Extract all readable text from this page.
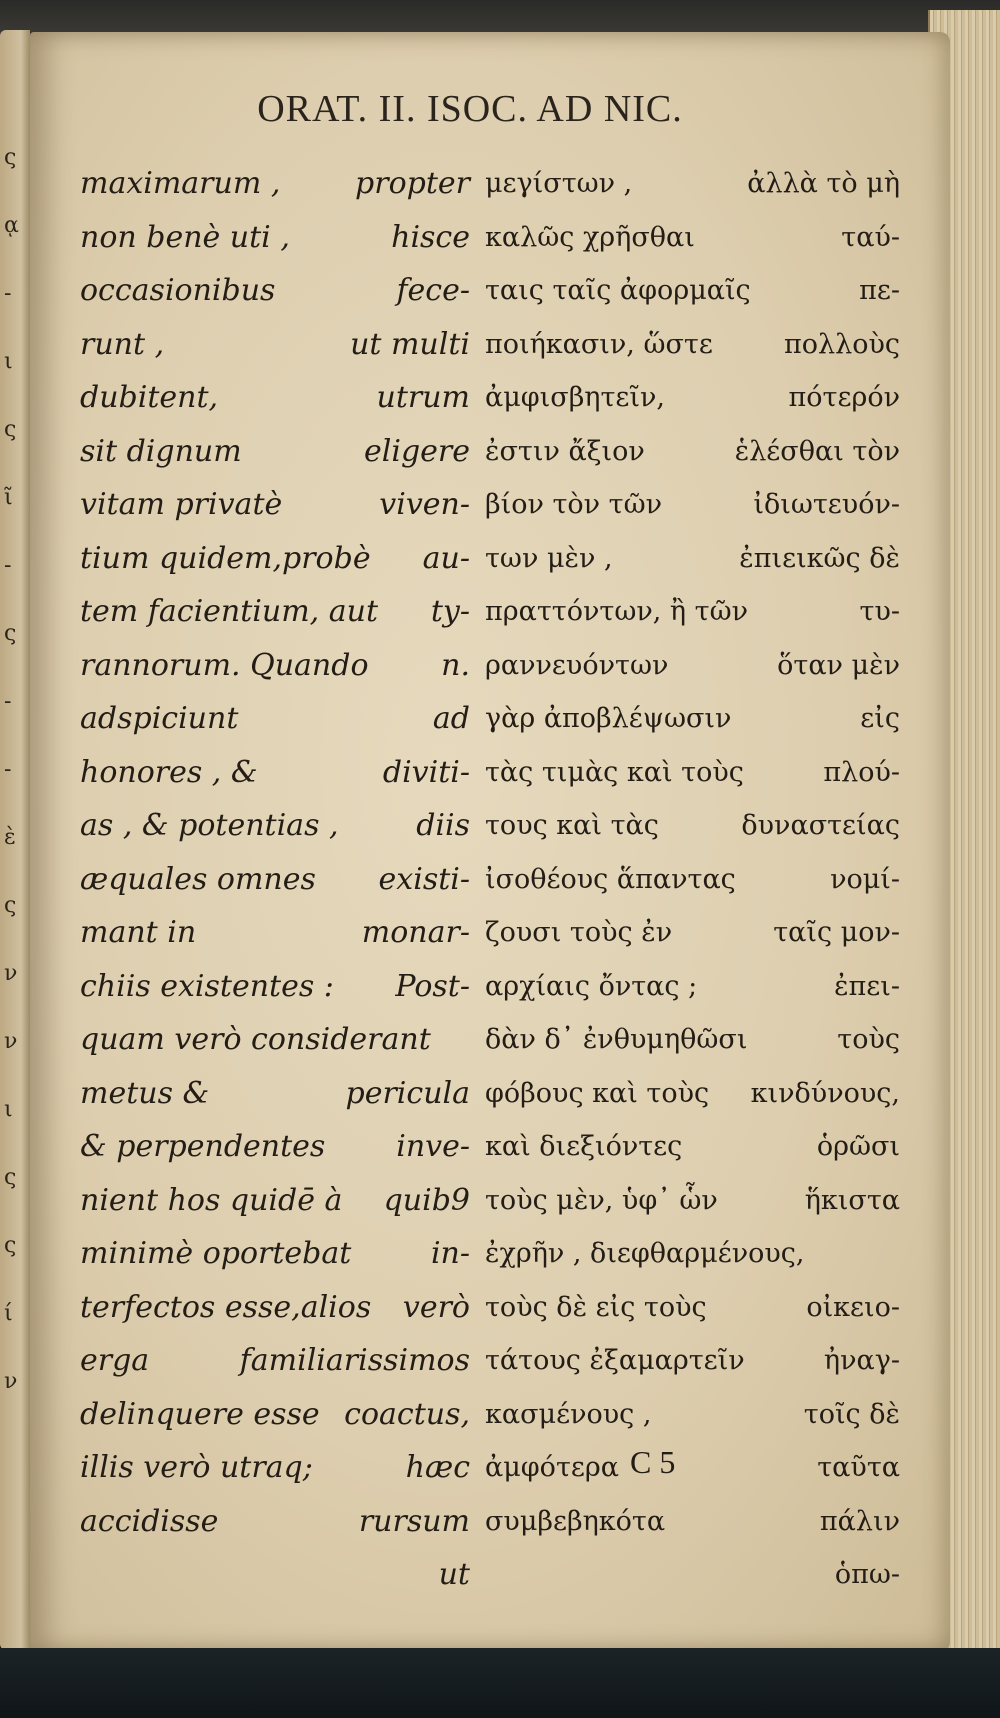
ς
ᾳ
-
ι
ς
ῖ
-
ς
-
-
ὲ
ς
ν
ν
ι
ς
ς
ί
ν
ORAT. II. ISOC. AD NIC.
maximarum , propter
non benè uti ,	hisce
occasionibus	fece-
runt ,	ut multi
dubitent,	utrum
sit dignum	eligere
vitam privatè	viven-
tium quidem,probè au-
tem facientium, aut ty-
rannorum. Quando n.
adspiciunt	ad
honores , &	diviti-
as , & potentias ,	diis
æquales omnes existi-
mant in	monar-
chiis existentes : Post-
quam verò considerant
metus &	pericula
& perpendentes inve-
nient hos quidē à quib9
minimè oportebat	in-
terfectos esse,alios verò
erga	familiarissimos
delinquere esse coactus,
illis verò utraq;	hæc
accidisse	rursum
ut
μεγίστων ,	ἀλλὰ τὸ μὴ
καλῶς χρῆσθαι	ταύ-
ταις ταῖς ἀφορμαῖς	πε-
ποιήκασιν, ὥστε	πολλοὺς
ἀμφισβητεῖν,	πότερόν
ἐστιν ἄξιον	ἑλέσθαι τὸν
βίον τὸν τῶν	ἰδιωτευόν-
των μὲν ,	ἐπιεικῶς δὲ
πραττόντων, ἢ τῶν	τυ-
ραννευόντων	ὅταν μὲν
γὰρ ἀποβλέψωσιν	εἰς
τὰς τιμὰς καὶ τοὺς	πλού-
τους καὶ τὰς	δυναστείας
ἰσοθέους ἅπαντας	νομί-
ζουσι τοὺς ἐν	ταῖς μον-
αρχίαις ὄντας ;	ἐπει-
δὰν δ᾽ ἐνθυμηθῶσι	τοὺς
φόβους καὶ τοὺς κινδύνους,
καὶ διεξιόντες	ὁρῶσι
τοὺς μὲν, ὑφ᾽ ὧν	ἥκιστα
ἐχρῆν , διεφθαρμένους,
τοὺς δὲ εἰς τοὺς	οἰκειο-
τάτους ἐξαμαρτεῖν	ἠναγ-
κασμένους ,	τοῖς δὲ
ἀμφότερα	ταῦτα
συμβεβηκότα	πάλιν
ὁπω-
C 5
